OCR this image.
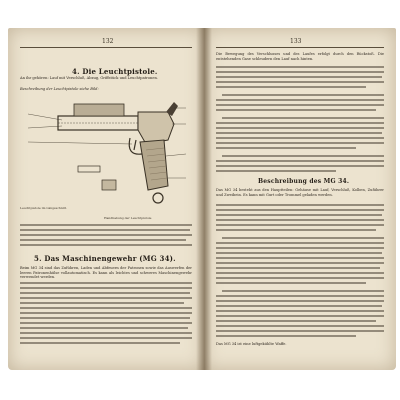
132
4. Die Leuchtpistole.
An ihr gehören: Lauf mit Verschluß, Abzug, Griffstück und Leuchtpatronen.
Beschreibung der Leuchtpistole siehe Bild:
Leuchtpistole im Längsschnitt.
Handhabung der Leuchtpistole
5. Das Maschinengewehr (MG 34).
Beim MG 34 sind das Zuführen, Laden und Abfeuern der Patronen sowie das Auswerfen der leeren Patronenhülse vollautomatisch. Es kann als leichtes und schweres Maschinengewehr verwendet werden.
133
Die Bewegung des Verschlusses und des Laufes erfolgt durch den Rückstoß. Die entstehenden Gase schleudern den Lauf nach hinten.
Beschreibung des MG 34.
Das MG 34 besteht aus den Hauptteilen: Gehäuse mit Lauf, Verschluß, Kolben, Zuführer und Zweibein. Es kann mit Gurt oder Trommel geladen werden.
Das MG 34 ist eine luftgekühlte Waffe.
